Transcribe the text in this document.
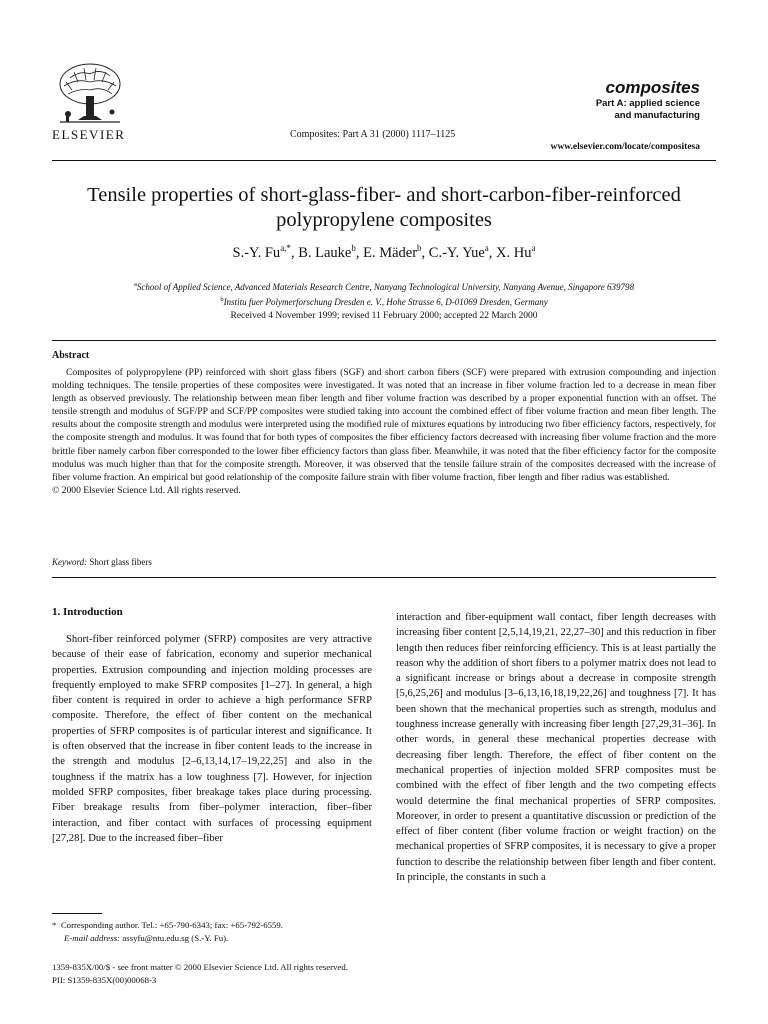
ELSEVIER	Composites: Part A 31 (2000) 1117–1125
composites
Part A: applied science
and manufacturing
www.elsevier.com/locate/compositesa
Tensile properties of short-glass-fiber- and short-carbon-fiber-reinforced
polypropylene composites
S.-Y. $Fu^{a,*}$, B. Lauke$^b$, E. Mäder$^b$, C.-Y. Yue$^a$, X. Hu$^a$
$^a$School of Applied Science, Advanced Materials Research Centre, Nanyang Technological University, Nanyang Avenue, Singapore 639798
$^b$Institu fuer Polymerforschung Dresden e. V., Hohe Strasse 6, D-01069 Dresden, Germany
Received 4 November 1999; revised 11 February 2000; accepted 22 March 2000
Abstract
Composites of polypropylene (PP) reinforced with short glass fibers (SGF) and short carbon fibers (SCF) were prepared with extrusion compounding and injection molding techniques. The tensile properties of these composites were investigated. It was noted that an increase in fiber volume fraction led to a decrease in mean fiber length as observed previously. The relationship between mean fiber length and fiber volume fraction was described by a proper exponential function with an offset. The tensile strength and modulus of SGF/PP and SCF/PP composites were studied taking into account the combined effect of fiber volume fraction and mean fiber length. The results about the composite strength and modulus were interpreted using the modified rule of mixtures equations by introducing two fiber efficiency factors, respectively, for the composite strength and modulus. It was found that for both types of composites the fiber efficiency factors decreased with increasing fiber volume fraction and the more brittle fiber namely carbon fiber corresponded to the lower fiber efficiency factors than glass fiber. Meanwhile, it was noted that the fiber efficiency factor for the composite modulus was much higher than that for the composite strength. Moreover, it was observed that the tensile failure strain of the composites decreased with the increase of fiber volume fraction. An empirical but good relationship of the composite failure strain with fiber volume fraction, fiber length and fiber radius was established.
© 2000 Elsevier Science Ltd. All rights reserved.
Keyword: Short glass fibers
1. Introduction

Short-fiber reinforced polymer (SFRP) composites are very attractive because of their ease of fabrication, economy and superior mechanical properties. Extrusion compounding and injection molding processes are frequently employed to make SFRP composites [1–27]. In general, a high fiber content is required in order to achieve a high performance SFRP composite. Therefore, the effect of fiber content on the mechanical properties of SFRP composites is of particular interest and significance. It is often observed that the increase in fiber content leads to the increase in the strength and modulus [2–6,13,14,17–19,22,25] and also in the toughness if the matrix has a low toughness [7]. However, for injection molded SFRP composites, fiber breakage takes place during processing. Fiber breakage results from fiber–polymer interaction, fiber–fiber interaction, and fiber contact with surfaces of processing equipment [27,28]. Due to the increased fiber–fiber

interaction and fiber-equipment wall contact, fiber length decreases with increasing fiber content [2,5,14,19,21, 22,27–30] and this reduction in fiber length then reduces fiber reinforcing efficiency. This is at least partially the reason why the addition of short fibers to a polymer matrix does not lead to a significant increase or brings about a decrease in composite strength [5,6,25,26] and modulus [3–6,13,16,18,19,22,26] and toughness [7]. It has been shown that the mechanical properties such as strength, modulus and toughness increase generally with increasing fiber length [27,29,31–36]. In other words, in general these mechanical properties decrease with decreasing fiber length. Therefore, the effect of fiber content on the mechanical properties of injection molded SFRP composites must be combined with the effect of fiber length and the two competing effects would determine the final mechanical properties of SFRP composites. Moreover, in order to present a quantitative discussion or prediction of the effect of fiber content (fiber volume fraction or weight fraction) on the mechanical properties of SFRP composites, it is necessary to give a proper function to describe the relationship between fiber length and fiber content. In principle, the constants in such a

* Corresponding author. Tel.: +65-790-6343; fax: +65-792-6559.
E-mail address: assyfu@ntu.edu.sg (S.-Y. Fu).
1359-835X/00/$ - see front matter © 2000 Elsevier Science Ltd. All rights reserved.
PII: S1359-835X(00)00068-3
